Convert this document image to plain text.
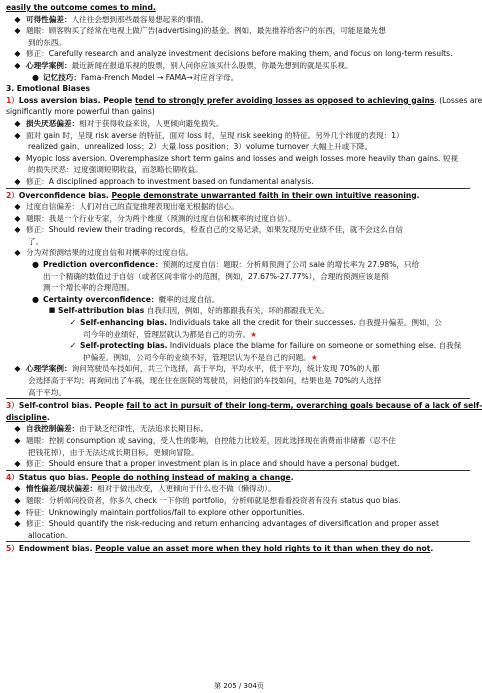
easily the outcome comes to mind.
◆ 可得性偏差：人往往会想到那些最容易想起来的事情。
◆ 题眼：顾客购买了经常在电视上做广告(advertising)的基金。例如，最先推荐给客户的东西，可能是最先想
到的东西。
◆ 修正：Carefully research and analyze investment decisions before making them, and focus on long-term results.
◆ 心理学案例：最近新闻在报道乐视的股票，别人问你应该买什么股票，你最先想到的就是买乐视。
● 记忆技巧：Fama-French Model → FAMA→对应首字母。
3. Emotional Biases
1）Loss aversion bias. People tend to strongly prefer avoiding losses as opposed to achieving gains. (Losses are
significantly more powerful than gains)
◆ 损失厌恶偏差：相对于获得收益来说，人更倾向避免损失。
◆ 面对 gain 时，呈现 risk averse 的特征，面对 loss 时，呈现 risk seeking 的特征。另外几个纬度的表现：1）
realized gain、unrealized loss；2）大量 loss position；3）volume turnover 大幅上升或下降。
◆ Myopic loss aversion. Overemphasize short term gains and losses and weigh losses more heavily than gains. 短视
的损失厌恶：过度强调短期收益，而忽略长期收益。
◆ 修正：A disciplined approach to investment based on fundamental analysis.
2）Overconfidence bias. People demonstrate unwarranted faith in their own intuitive reasoning.
◆ 过度自信偏差：人们对自己的直觉推理表现出毫无根据的信心。
◆ 题眼：我是一个行业专家，分为两个维度（预测的过度自信和概率的过度自信）。
◆ 修正：Should review their trading records，检查自己的交易记录，如果发现历史业绩不佳，就不会这么自信
了。
◆ 分为对预测结果的过度自信和对概率的过度自信。
● Prediction overconfidence：预测的过度自信：题眼：分析师预测了公司 sale 的增长率为 27.98%，只给
出一个精确的数值过于自信（或者区间非常小的范围，例如，27.67%-27.77%），合理的预测应该是预
测一个增长率的合理范围。
● Certainty overconfidence：概率的过度自信。
■ Self-attribution bias 自我归因，例如，好的都跟我有关，坏的都跟我无关。
✓ Self-enhancing bias. Individuals take all the credit for their successes. 自我提升偏差。例如，公
司今年的业绩好，管理层就认为都是自己的功劳。★
✓ Self-protecting bias. Individuals place the blame for failure on someone or something else. 自我保
护偏差。例如，公司今年的业绩不好，管理层认为不是自己的问题。★
◆ 心理学案例：询问驾驶员车技如何，共三个选择，高于平均，平均水平，低于平均，统计发现 70%的人都
会选择高于平均；再询问出了车祸，现在住在医院的驾驶员，问他们的车技如何，结果也是 70%的人选择
高于平均。
3）Self-control bias. People fail to act in pursuit of their long-term, overarching goals because of a lack of self-
discipline.
◆ 自我控制偏差：由于缺乏纪律性，无法追求长期目标。
◆ 题眼：控制 consumption 或 saving，受人性的影响，自控能力比较差，因此选择现在消费而非储蓄（忍不住
把钱花掉），由于无法达成长期目标，更倾向冒险。
◆ 修正：Should ensure that a proper investment plan is in place and should have a personal budget.
4）Status quo bias. People do nothing instead of making a change.
◆ 惰性偏差/现状偏差：相对于做出改变，人更倾向于什么也不做（懒得动）。
◆ 题眼：分析师问投资者，你多久 check 一下你的 portfolio，分析师就是想看看投资者有没有 status quo bias.
◆ 特征：Unknowingly maintain portfolios/fail to explore other opportunities.
◆ 修正：Should quantify the risk-reducing and return enhancing advantages of diversification and proper asset
allocation.
5）Endowment bias. People value an asset more when they hold rights to it than when they do not.
第 205 / 304页
